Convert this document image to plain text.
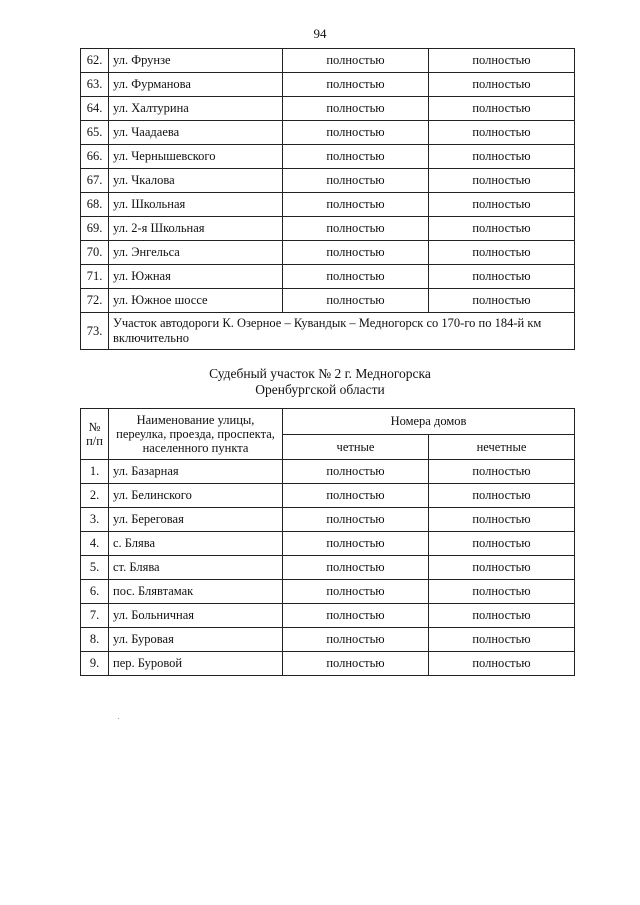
94
62.	ул. Фрунзе	полностью	полностью
63.	ул. Фурманова	полностью	полностью
64.	ул. Халтурина	полностью	полностью
65.	ул. Чаадаева	полностью	полностью
66.	ул. Чернышевского	полностью	полностью
67.	ул. Чкалова	полностью	полностью
68.	ул. Школьная	полностью	полностью
69.	ул. 2-я Школьная	полностью	полностью
70.	ул. Энгельса	полностью	полностью
71.	ул. Южная	полностью	полностью
72.	ул. Южное шоссе	полностью	полностью
73.	Участок автодороги К. Озерное – Кувандык – Медногорск со 170-го по 184-й км включительно		
Судебный участок № 2 г. Медногорска
Оренбургской области
№ п/п	Наименование улицы, переулка, проезда, проспекта, населенного пункта	Номера домов	
		четные	нечетные
1.	ул. Базарная	полностью	полностью
2.	ул. Белинского	полностью	полностью
3.	ул. Береговая	полностью	полностью
4.	с. Блява	полностью	полностью
5.	ст. Блява	полностью	полностью
6.	пос. Блявтамак	полностью	полностью
7.	ул. Больничная	полностью	полностью
8.	ул. Буровая	полностью	полностью
9.	пер. Буровой	полностью	полностью
